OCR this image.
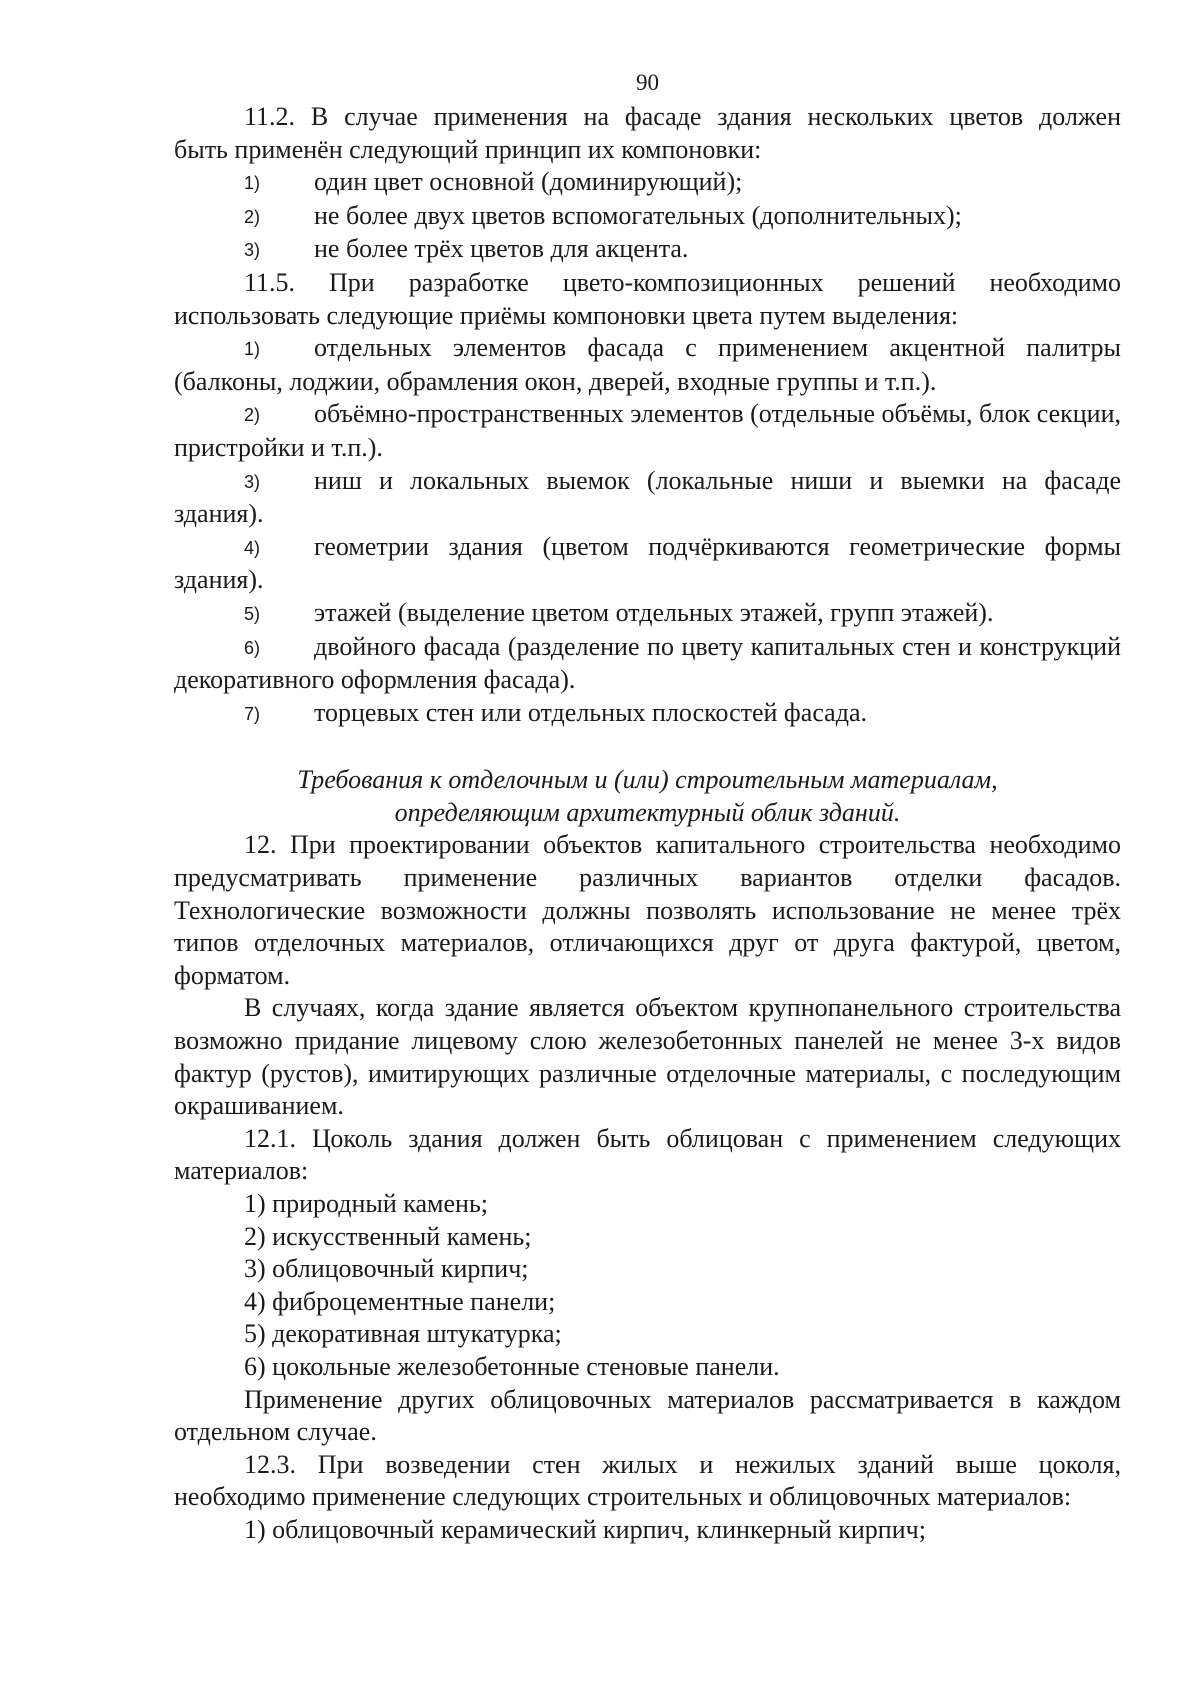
90

11.2. В случае применения на фасаде здания нескольких цветов должен

быть применён следующий принцип их компоновки:

1) один цвет основной (доминирующий);

2) не более двух цветов вспомогательных (дополнительных);

3) не более трёх цветов для акцента.

11.5. При разработке цвето-композиционных решений необходимо использовать следующие приёмы компоновки цвета путем выделения:

1) отдельных элементов фасада с применением акцентной палитры (балконы, лоджии, обрамления окон, дверей, входные группы и т.п.).

2) объёмно-пространственных элементов (отдельные объёмы, блок секции, пристройки и т.п.).

3) ниш и локальных выемок (локальные ниши и выемки на фасаде здания).

4) геометрии здания (цветом подчёркиваются геометрические формы здания).

5) этажей (выделение цветом отдельных этажей, групп этажей).

6) двойного фасада (разделение по цвету капитальных стен и конструкций декоративного оформления фасада).

7) торцевых стен или отдельных плоскостей фасада.

Требования к отделочным и (или) строительным материалам,

определяющим архитектурный облик зданий.

12. При проектировании объектов капитального строительства необходимо предусматривать применение различных вариантов отделки фасадов. Технологические возможности должны позволять использование не менее трёх типов отделочных материалов, отличающихся друг от друга фактурой, цветом, форматом.

В случаях, когда здание является объектом крупнопанельного строительства возможно придание лицевому слою железобетонных панелей не менее 3-х видов фактур (рустов), имитирующих различные отделочные материалы, с последующим окрашиванием.

12.1. Цоколь здания должен быть облицован с применением следующих материалов:

1) природный камень;

2) искусственный камень;

3) облицовочный кирпич;

4) фиброцементные панели;

5) декоративная штукатурка;

6) цокольные железобетонные стеновые панели.

Применение других облицовочных материалов рассматривается в каждом отдельном случае.

12.3. При возведении стен жилых и нежилых зданий выше цоколя, необходимо применение следующих строительных и облицовочных материалов:

1) облицовочный керамический кирпич, клинкерный кирпич;
